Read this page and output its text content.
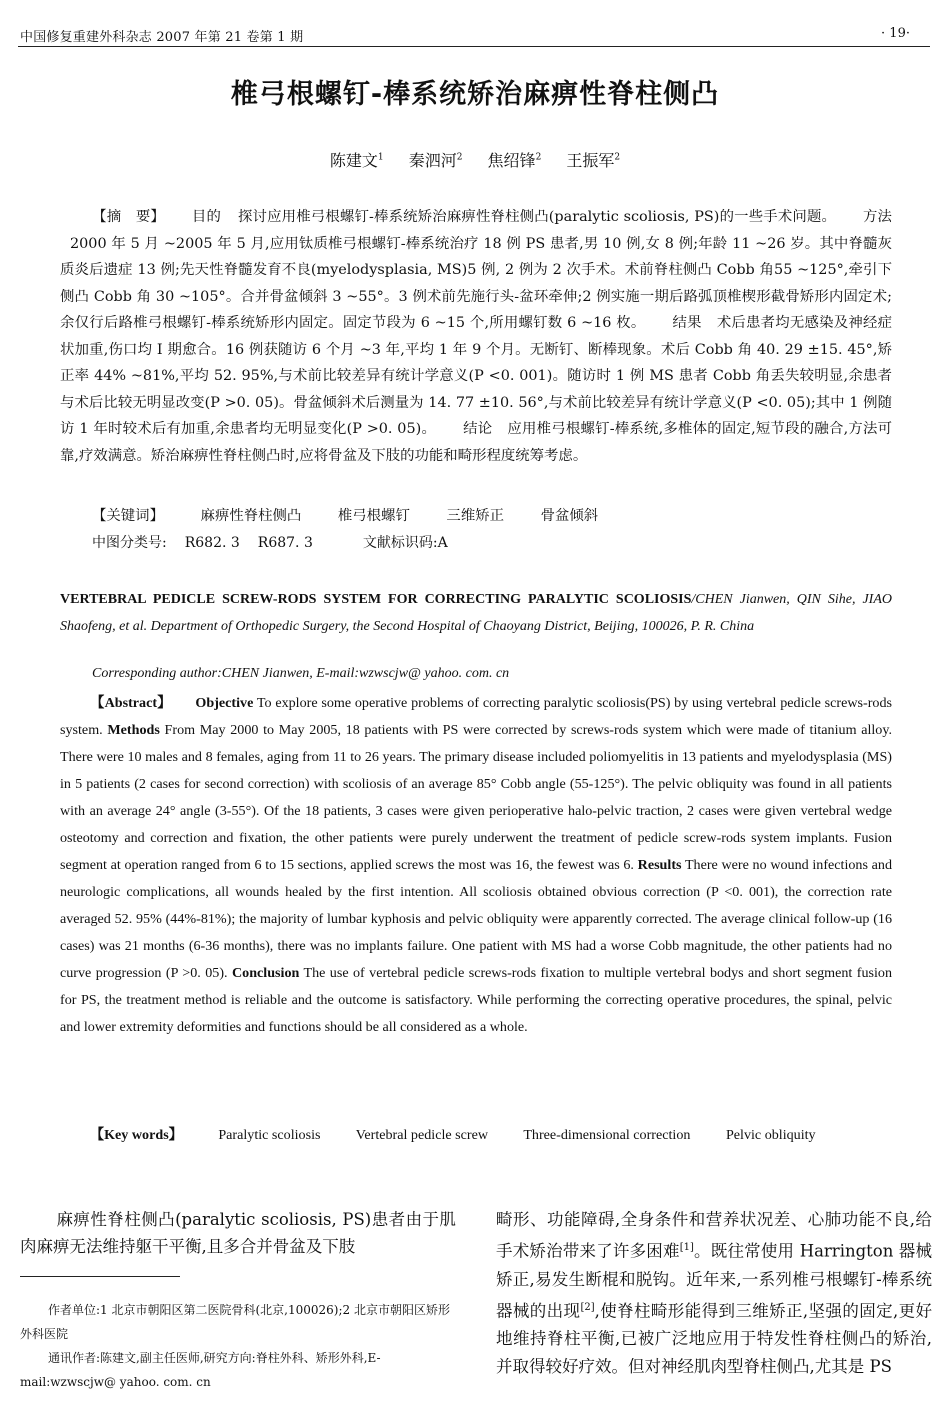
中国修复重建外科杂志 2007 年第 21 卷第 1 期	· 19·
椎弓根螺钉-棒系统矫治麻痹性脊柱侧凸
陈建文$^1$ 秦泗河$^2$ 焦绍锋$^2$ 王振军$^2$
【摘　要】 目的 探讨应用椎弓根螺钉-棒系统矫治麻痹性脊柱侧凸(paralytic scoliosis, PS)的一些手术问题。 方法 2000 年 5 月 ~2005 年 5 月,应用钛质椎弓根螺钉-棒系统治疗 18 例 PS 患者,男 10 例,女 8 例;年龄 11 ~26 岁。其中脊髓灰质炎后遗症 13 例;先天性脊髓发育不良(myelodysplasia, MS)5 例, 2 例为 2 次手术。术前脊柱侧凸 Cobb 角55 ~125°,牵引下侧凸 Cobb 角 30 ~105°。合并骨盆倾斜 3 ~55°。3 例术前先施行头-盆环牵伸;2 例实施一期后路弧顶椎楔形截骨矫形内固定术;余仅行后路椎弓根螺钉-棒系统矫形内固定。固定节段为 6 ~15 个,所用螺钉数 6 ~16 枚。 结果 术后患者均无感染及神经症状加重,伤口均 Ⅰ 期愈合。16 例获随访 6 个月 ~3 年,平均 1 年 9 个月。无断钉、断棒现象。术后 Cobb 角 40. 29 ±15. 45°,矫正率 44% ~81%,平均 52. 95%,与术前比较差异有统计学意义(P <0. 001)。随访时 1 例 MS 患者 Cobb 角丢失较明显,余患者与术后比较无明显改变(P >0. 05)。骨盆倾斜术后测量为 14. 77 ±10. 56°,与术前比较差异有统计学意义(P <0. 05);其中 1 例随访 1 年时较术后有加重,余患者均无明显变化(P >0. 05)。 结论 应用椎弓根螺钉-棒系统,多椎体的固定,短节段的融合,方法可靠,疗效满意。矫治麻痹性脊柱侧凸时,应将骨盆及下肢的功能和畸形程度统筹考虑。
【关键词】	麻痹性脊柱侧凸	椎弓根螺钉	三维矫正	骨盆倾斜
中图分类号: R682. 3 R687. 3	文献标识码:A
VERTEBRAL PEDICLE SCREW-RODS SYSTEM FOR CORRECTING PARALYTIC SCOLIOSIS/CHEN Jianwen, QIN Sihe, JIAO Shaofeng, et al. Department of Orthopedic Surgery, the Second Hospital of Chaoyang District, Beijing, 100026, P. R. China
Corresponding author:CHEN Jianwen, E-mail:wzwscjw@ yahoo. com. cn
【Abstract】 Objective To explore some operative problems of correcting paralytic scoliosis(PS) by using vertebral pedicle screws-rods system. Methods From May 2000 to May 2005, 18 patients with PS were corrected by screws-rods system which were made of titanium alloy. There were 10 males and 8 females, aging from 11 to 26 years. The primary disease included poliomyelitis in 13 patients and myelodysplasia (MS) in 5 patients (2 cases for second correction) with scoliosis of an average 85° Cobb angle (55-125°). The pelvic obliquity was found in all patients with an average 24° angle (3-55°). Of the 18 patients, 3 cases were given perioperative halo-pelvic traction, 2 cases were given vertebral wedge osteotomy and correction and fixation, the other patients were purely underwent the treatment of pedicle screw-rods system implants. Fusion segment at operation ranged from 6 to 15 sections, applied screws the most was 16, the fewest was 6. Results There were no wound infections and neurologic complications, all wounds healed by the first intention. All scoliosis obtained obvious correction (P <0. 001), the correction rate averaged 52. 95% (44%-81%); the majority of lumbar kyphosis and pelvic obliquity were apparently corrected. The average clinical follow-up (16 cases) was 21 months (6-36 months), there was no implants failure. One patient with MS had a worse Cobb magnitude, the other patients had no curve progression (P >0. 05). Conclusion The use of vertebral pedicle screws-rods fixation to multiple vertebral bodys and short segment fusion for PS, the treatment method is reliable and the outcome is satisfactory. While performing the correcting operative procedures, the spinal, pelvic and lower extremity deformities and functions should be all considered as a whole.
【Key words】	Paralytic scoliosis	Vertebral pedicle screw	Three-dimensional correction	Pelvic obliquity
麻痹性脊柱侧凸(paralytic scoliosis, PS)患者由于肌肉麻痹无法维持躯干平衡,且多合并骨盆及下肢

作者单位:1 北京市朝阳区第二医院骨科(北京,100026);2 北京市朝阳区矫形外科医院

通讯作者:陈建文,副主任医师,研究方向:脊柱外科、矫形外科,E-mail:wzwscjw@ yahoo. com. cn

畸形、功能障碍,全身条件和营养状况差、心肺功能不良,给手术矫治带来了许多困难[1]。既往常使用 Harrington 器械矫正,易发生断棍和脱钩。近年来,一系列椎弓根螺钉-棒系统器械的出现[2],使脊柱畸形能得到三维矫正,坚强的固定,更好地维持脊柱平衡,已被广泛地应用于特发性脊柱侧凸的矫治,并取得较好疗效。但对神经肌肉型脊柱侧凸,尤其是 PS
